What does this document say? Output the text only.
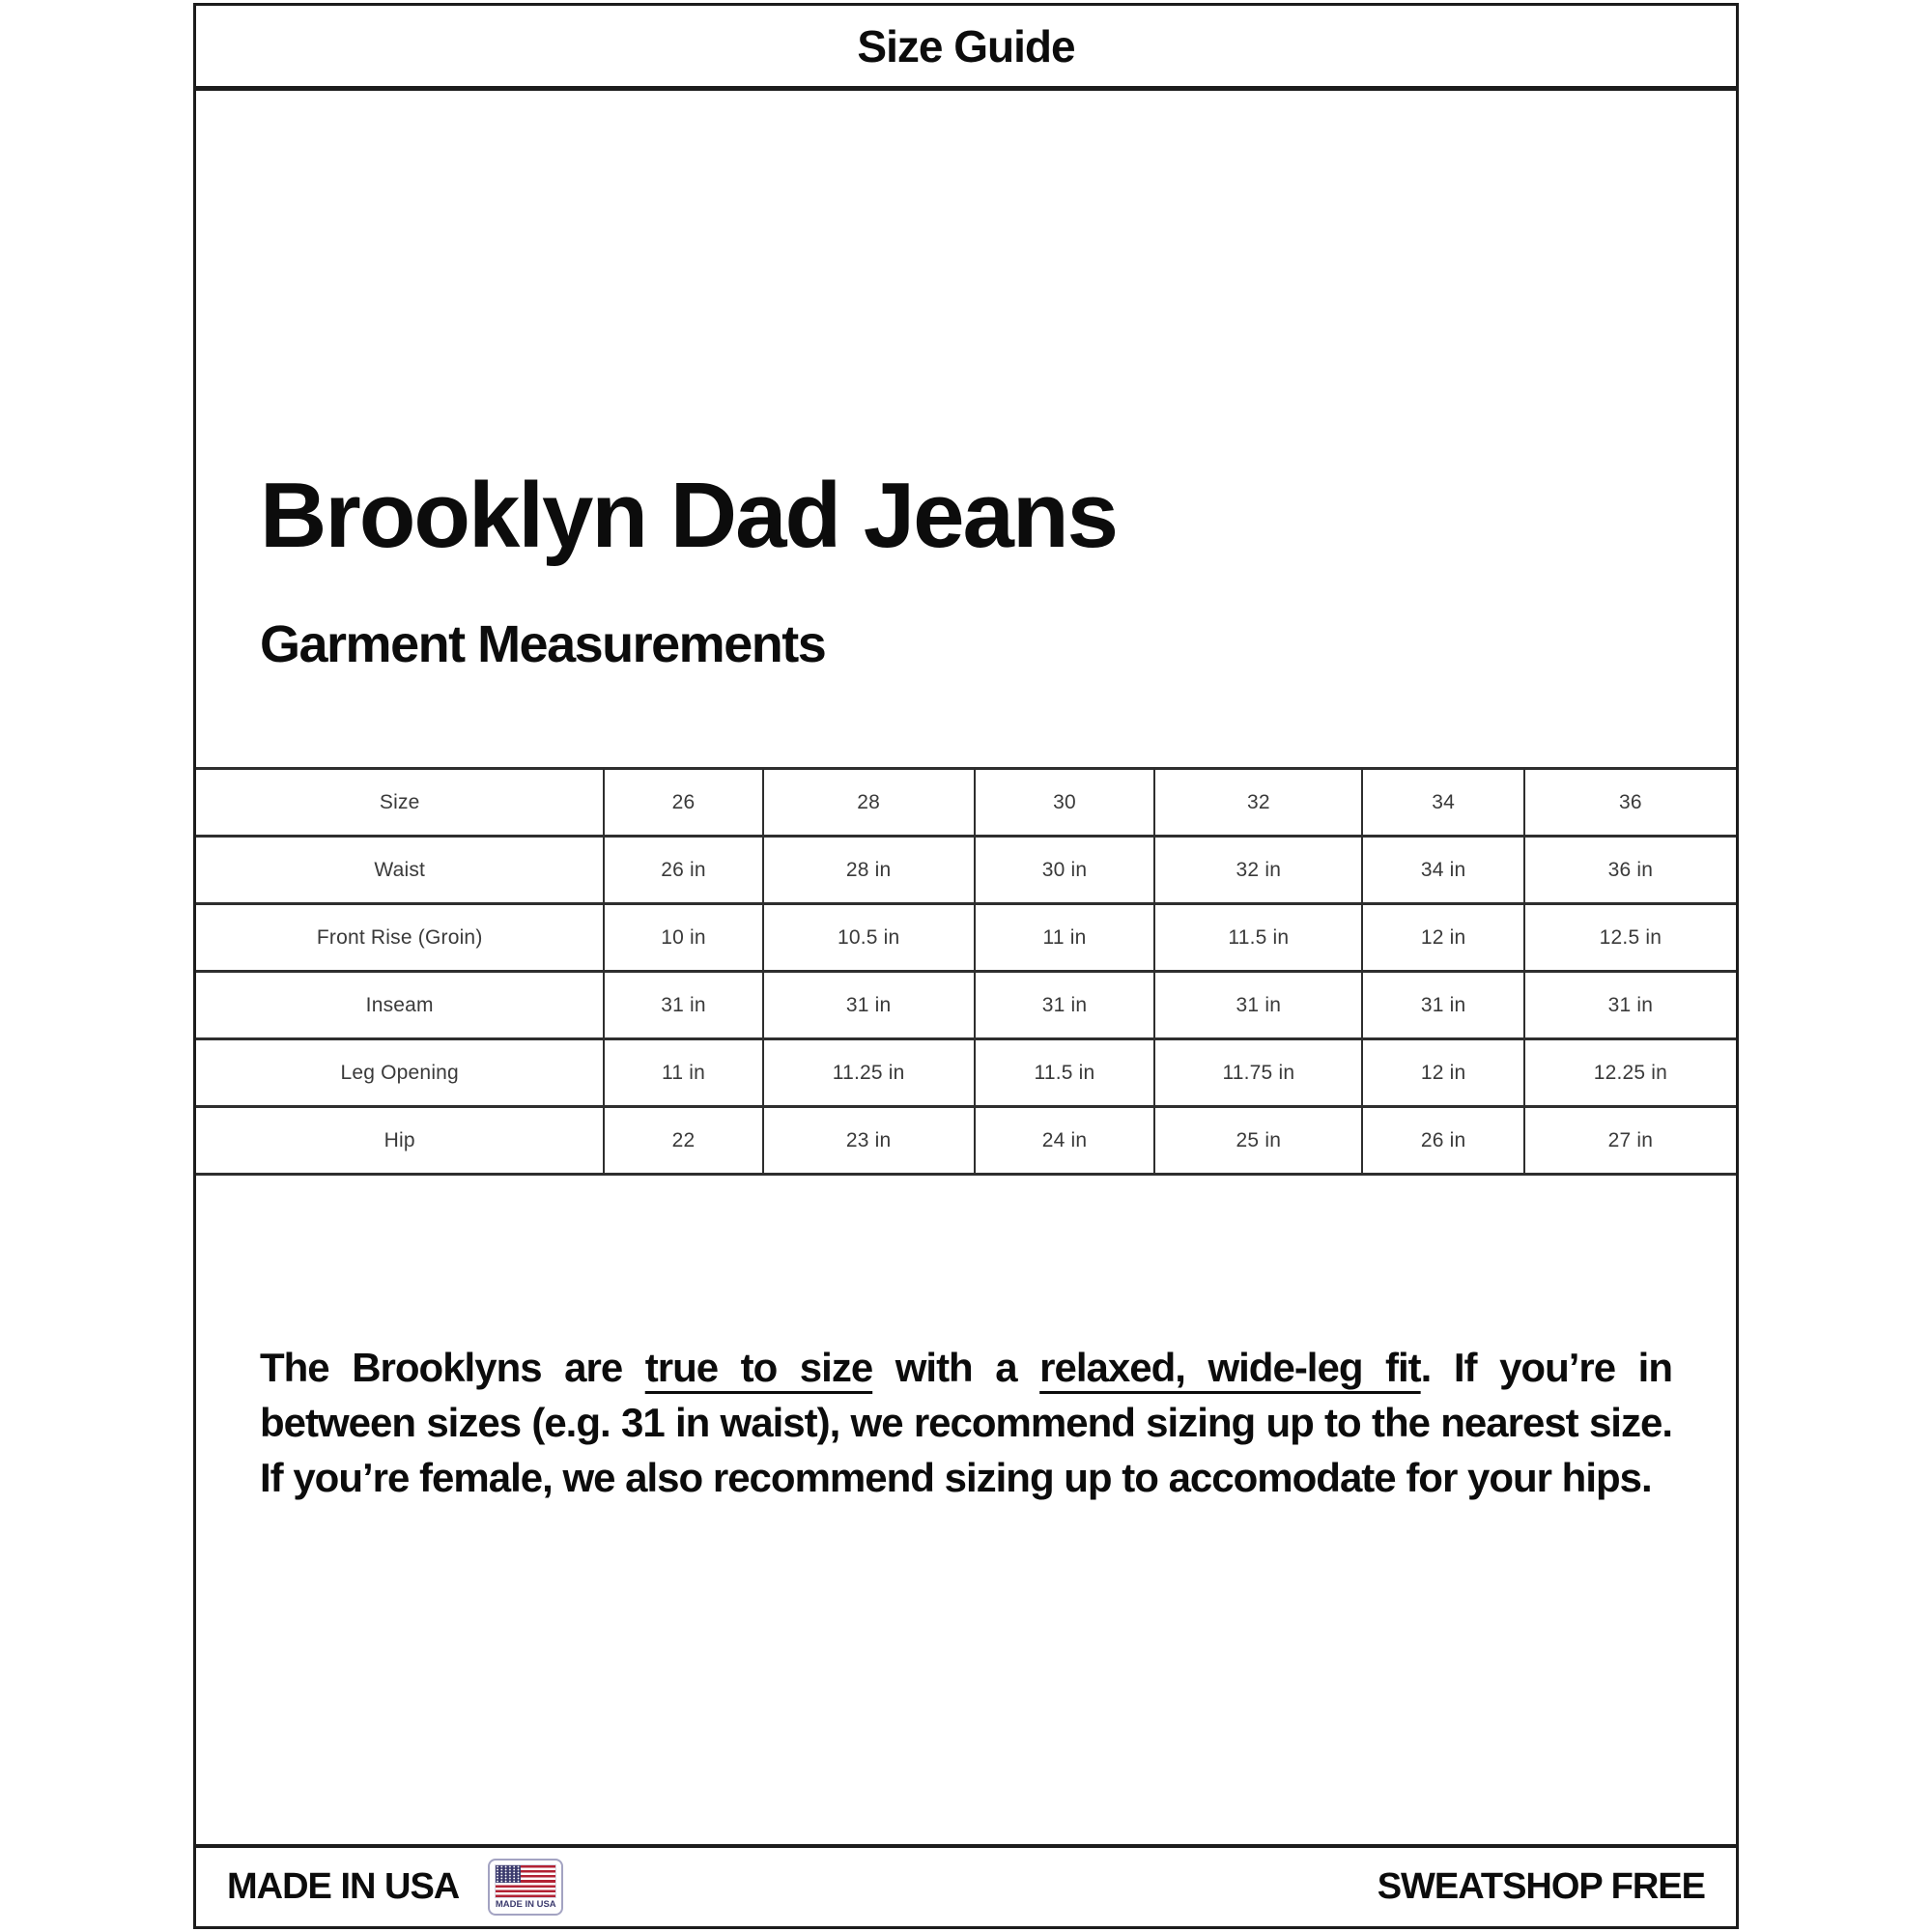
Size Guide
Brooklyn Dad Jeans
Garment Measurements
Size	26	28	30	32	34	36
Waist	26 in	28 in	30 in	32 in	34 in	36 in
Front Rise (Groin)	10 in	10.5 in	11 in	11.5 in	12 in	12.5 in
Inseam	31 in	31 in	31 in	31 in	31 in	31 in
Leg Opening	11 in	11.25 in	11.5 in	11.75 in	12 in	12.25 in
Hip	22	23 in	24 in	25 in	26 in	27 in

The Brooklyns are true to size with a relaxed, wide-leg fit. If you’re in between sizes (e.g. 31 in waist), we recommend sizing up to the nearest size. If you’re female, we also recommend sizing up to accomodate for your hips.

MADE IN USA	MADE IN USA	SWEATSHOP FREE
